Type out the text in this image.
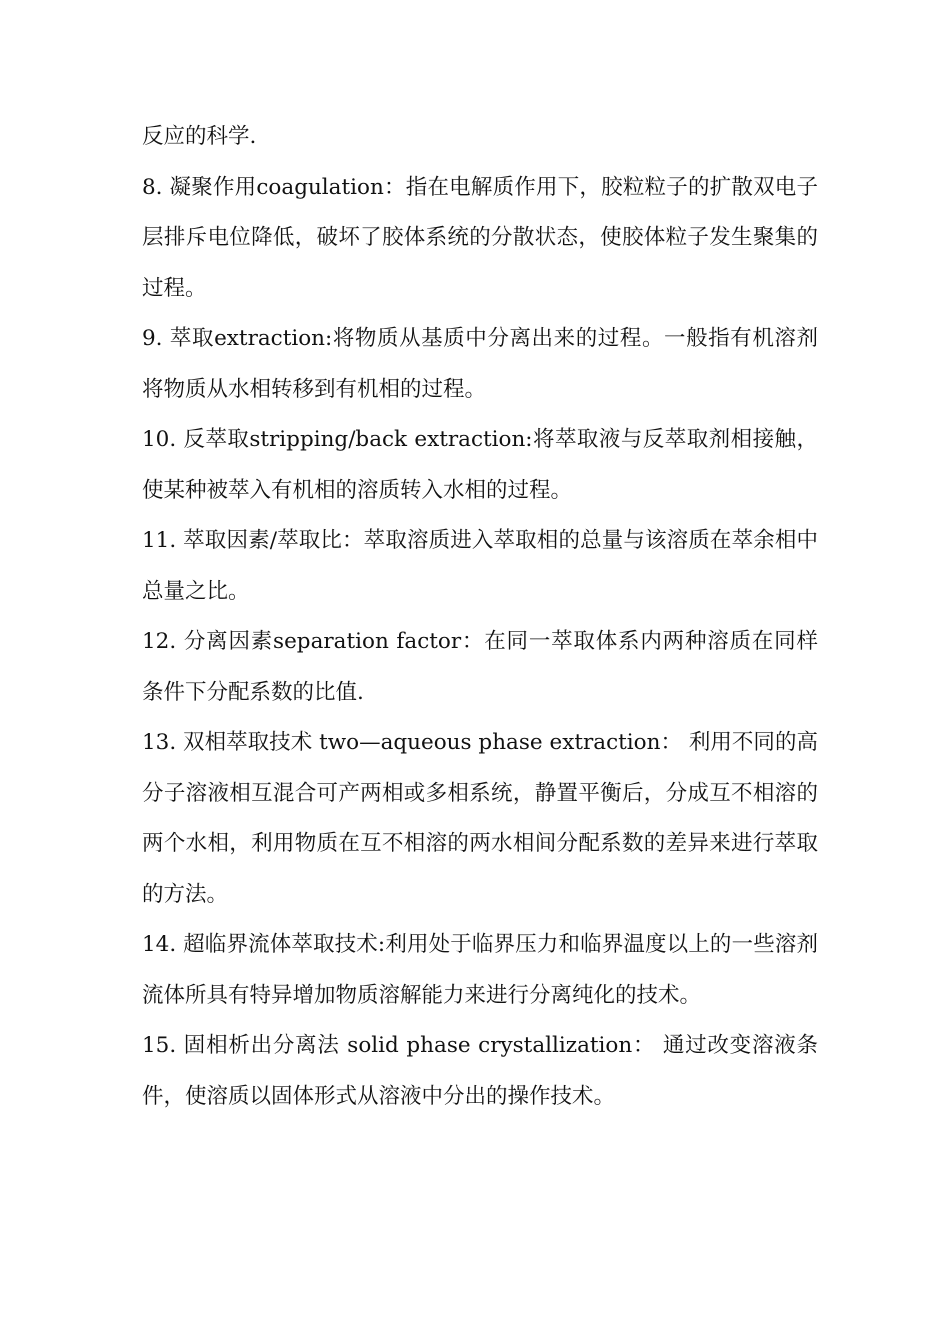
反应的科学.

8. 凝聚作用coagulation：指在电解质作用下，胶粒粒子的扩散双电子层排斥电位降低，破坏了胶体系统的分散状态，使胶体粒子发生聚集的过程。

9. 萃取extraction:将物质从基质中分离出来的过程。一般指有机溶剂将物质从水相转移到有机相的过程。

10. 反萃取stripping/back extraction:将萃取液与反萃取剂相接触，使某种被萃入有机相的溶质转入水相的过程。

11. 萃取因素/萃取比：萃取溶质进入萃取相的总量与该溶质在萃余相中总量之比。

12. 分离因素separation factor：在同一萃取体系内两种溶质在同样条件下分配系数的比值.

13. 双相萃取技术 two—aqueous phase extraction： 利用不同的高分子溶液相互混合可产两相或多相系统，静置平衡后，分成互不相溶的两个水相，利用物质在互不相溶的两水相间分配系数的差异来进行萃取的方法。

14. 超临界流体萃取技术:利用处于临界压力和临界温度以上的一些溶剂流体所具有特异增加物质溶解能力来进行分离纯化的技术。

15. 固相析出分离法 solid phase crystallization： 通过改变溶液条件，使溶质以固体形式从溶液中分出的操作技术。
